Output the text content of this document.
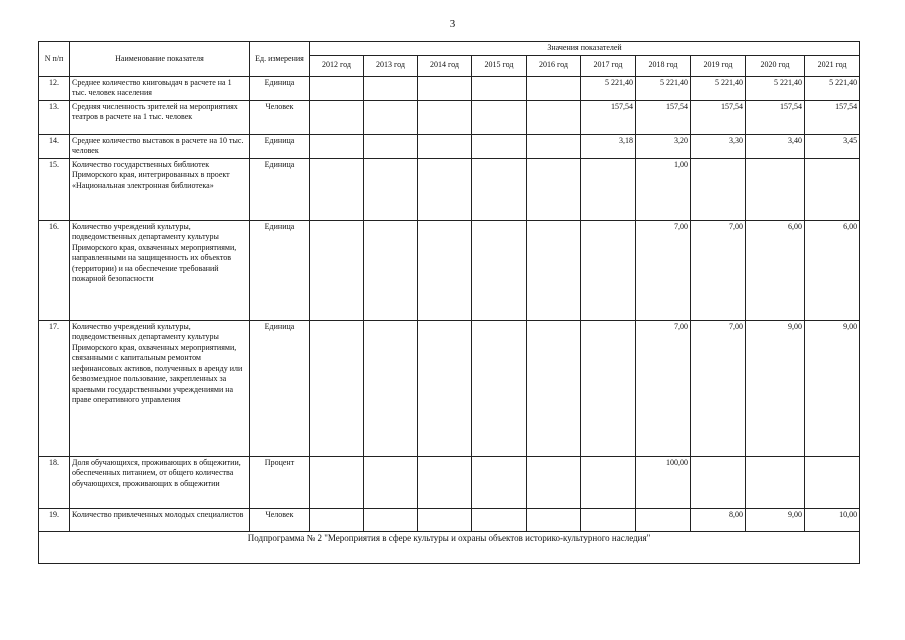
3
N п/п	Наименование показателя	Ед. измерения	Значения показателей									
			2012 год	2013 год	2014 год	2015 год	2016 год	2017 год	2018 год	2019 год	2020 год	2021 год
12.	Среднее количество книговыдач в расчете на 1 тыс. человек населения	Единица						5 221,40	5 221,40	5 221,40	5 221,40	5 221,40
13.	Средняя численность зрителей на мероприятиях театров в расчете на 1 тыс. человек	Человек						157,54	157,54	157,54	157,54	157,54
14.	Среднее количество выставок в расчете на 10 тыс. человек	Единица						3,18	3,20	3,30	3,40	3,45
15.	Количество государственных библиотек Приморского края, интегрированных в проект «Национальная электронная библиотека»	Единица							1,00			
16.	Количество учреждений культуры, подведомственных департаменту культуры Приморского края, охваченных мероприятиями, направленными на защищенность их объектов (территории) и на обеспечение требований пожарной безопасности	Единица							7,00	7,00	6,00	6,00
17.	Количество учреждений культуры, подведомственных департаменту культуры Приморского края, охваченных мероприятиями, связанными с капитальным ремонтом нефинансовых активов, полученных в аренду или безвозмездное пользование, закрепленных за краевыми государственными учреждениями на праве оперативного управления	Единица							7,00	7,00	9,00	9,00
18.	Доля обучающихся, проживающих в общежитии, обеспеченных питанием, от общего количества обучающихся, проживающих в общежитии	Процент							100,00			
19.	Количество привлеченных молодых специалистов	Человек								8,00	9,00	10,00
Подпрограмма № 2 "Мероприятия в сфере культуры и охраны объектов историко-культурного наследия"												
